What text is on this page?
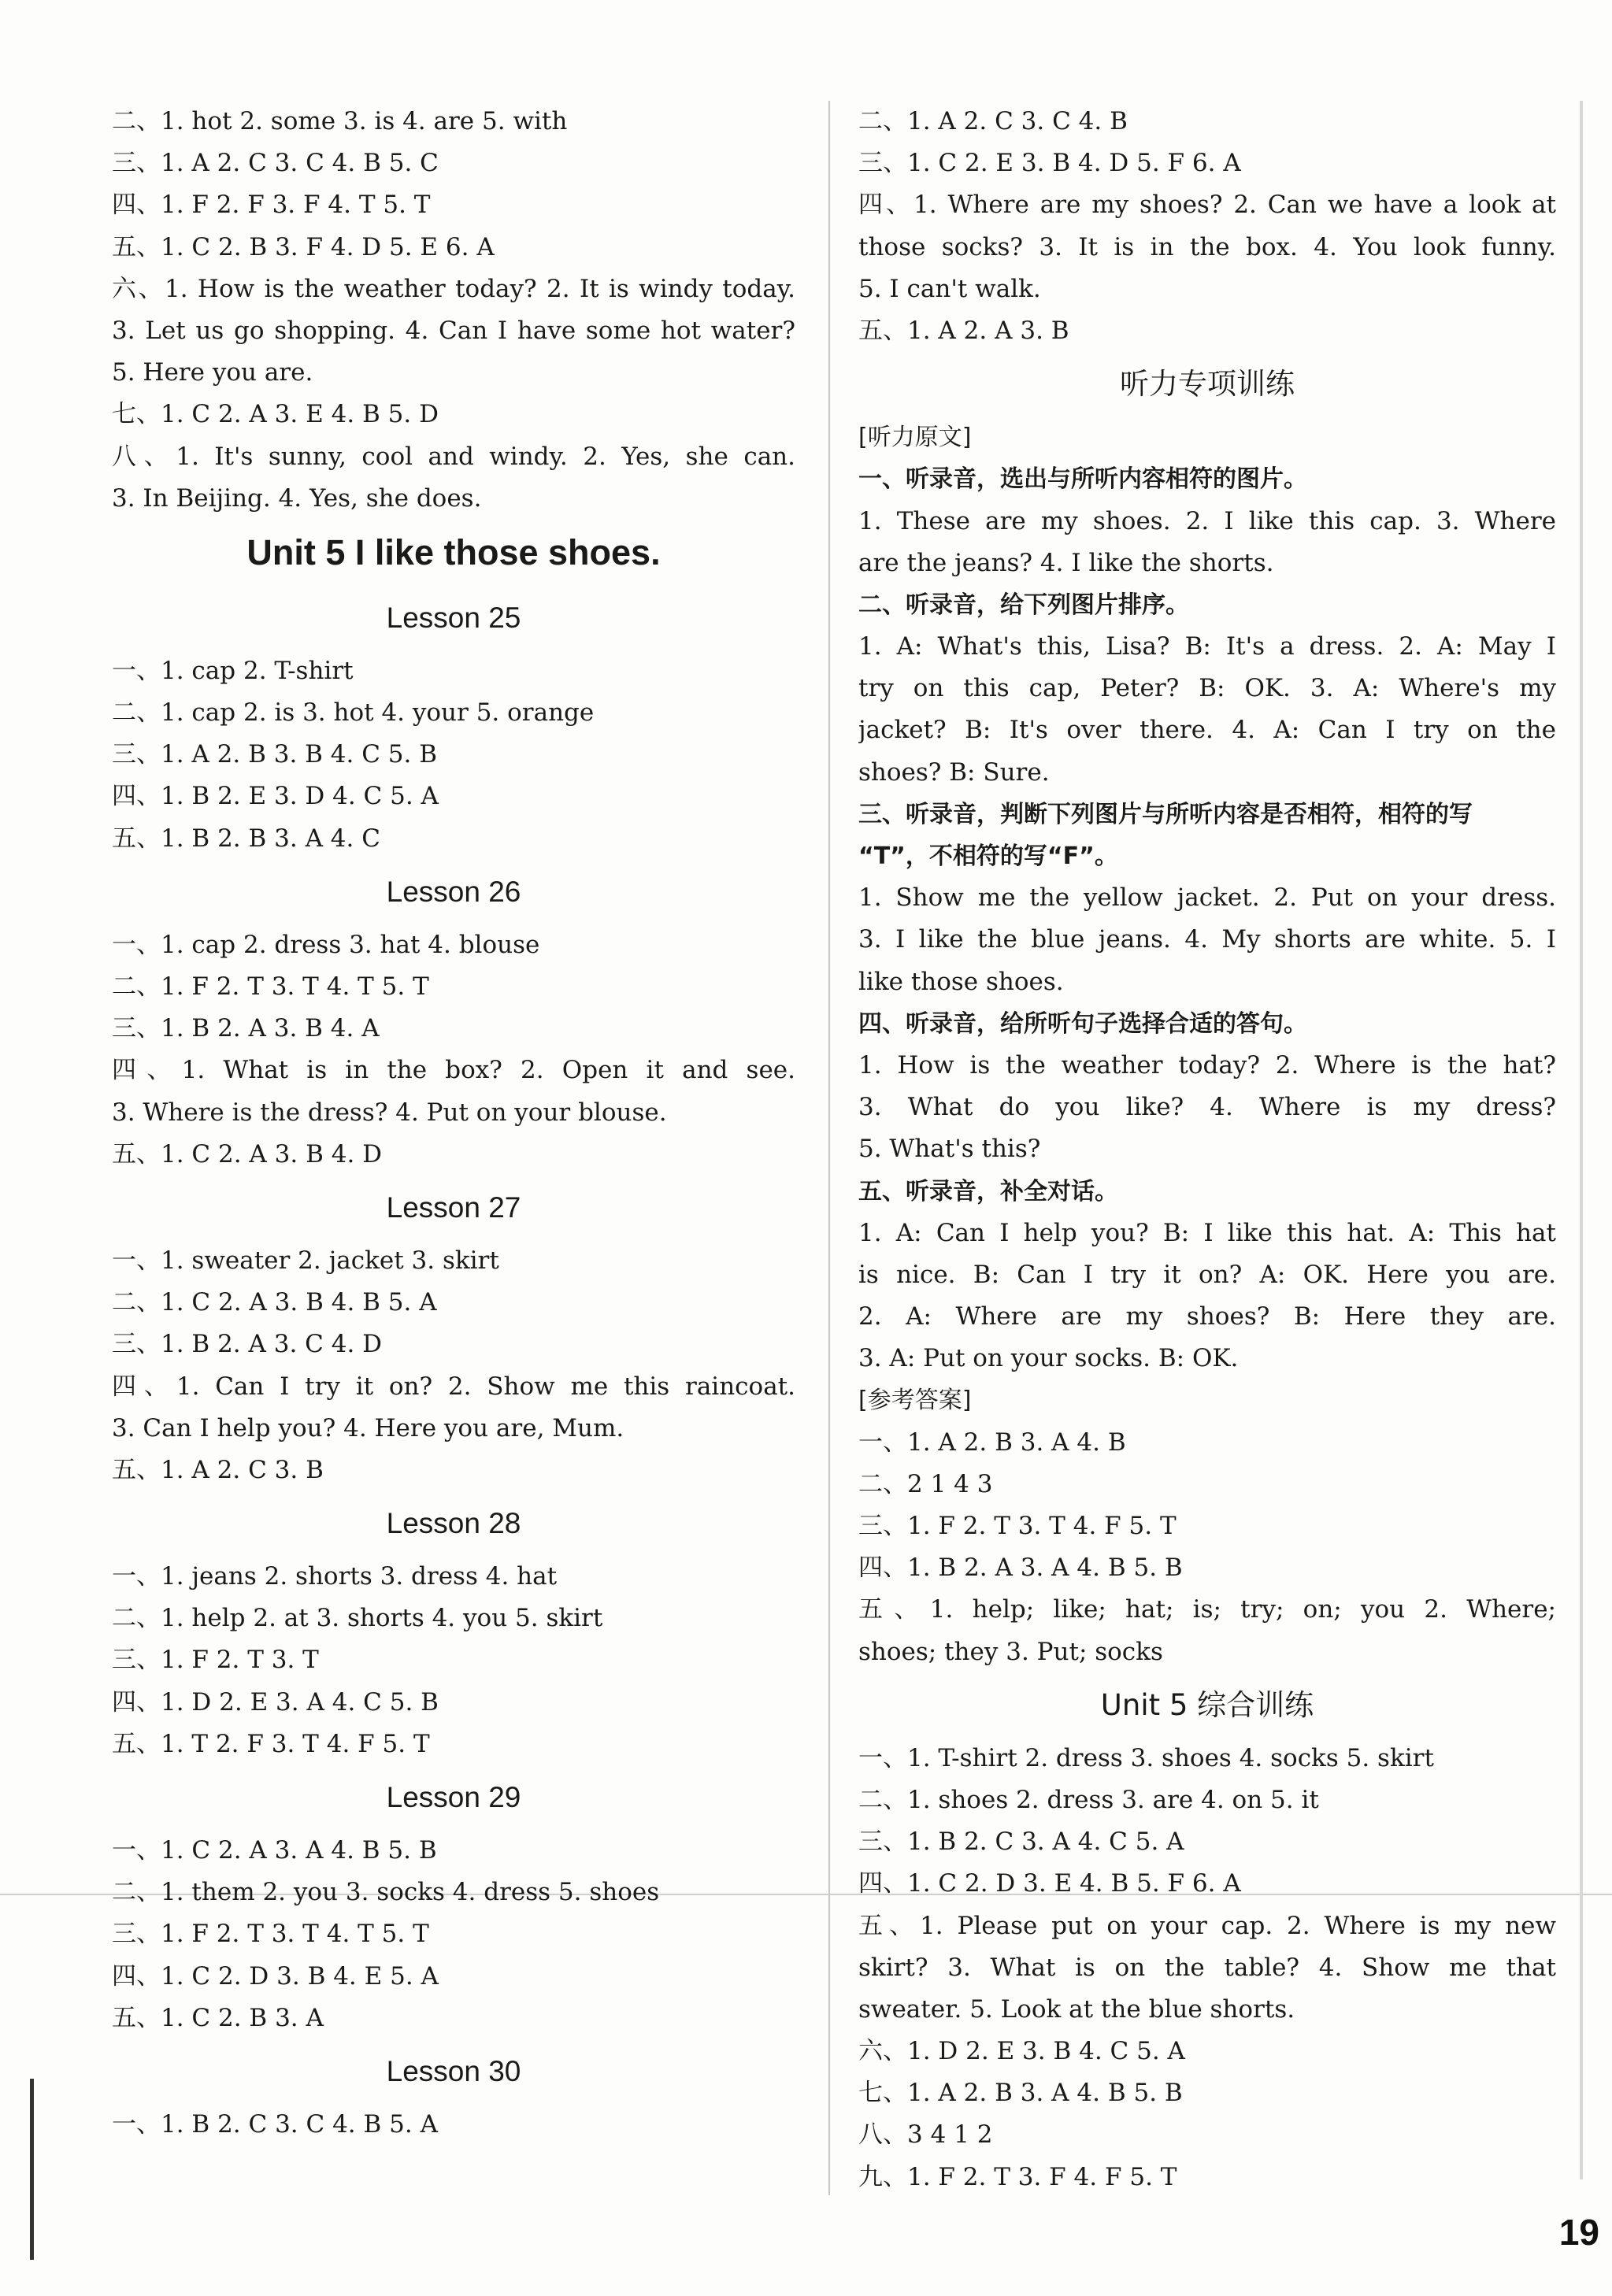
二、1. hot 2. some 3. is 4. are 5. with
三、1. A 2. C 3. C 4. B 5. C
四、1. F 2. F 3. F 4. T 5. T
五、1. C 2. B 3. F 4. D 5. E 6. A
六、1. How is the weather today? 2. It is windy today.
3. Let us go shopping. 4. Can I have some hot water?
5. Here you are.
七、1. C 2. A 3. E 4. B 5. D
八、1. It's sunny, cool and windy. 2. Yes, she can.
3. In Beijing. 4. Yes, she does.
Unit 5 I like those shoes.
Lesson 25
一、1. cap 2. T-shirt
二、1. cap 2. is 3. hot 4. your 5. orange
三、1. A 2. B 3. B 4. C 5. B
四、1. B 2. E 3. D 4. C 5. A
五、1. B 2. B 3. A 4. C
Lesson 26
一、1. cap 2. dress 3. hat 4. blouse
二、1. F 2. T 3. T 4. T 5. T
三、1. B 2. A 3. B 4. A
四、1. What is in the box? 2. Open it and see.
3. Where is the dress? 4. Put on your blouse.
五、1. C 2. A 3. B 4. D
Lesson 27
一、1. sweater 2. jacket 3. skirt
二、1. C 2. A 3. B 4. B 5. A
三、1. B 2. A 3. C 4. D
四、1. Can I try it on? 2. Show me this raincoat.
3. Can I help you? 4. Here you are, Mum.
五、1. A 2. C 3. B
Lesson 28
一、1. jeans 2. shorts 3. dress 4. hat
二、1. help 2. at 3. shorts 4. you 5. skirt
三、1. F 2. T 3. T
四、1. D 2. E 3. A 4. C 5. B
五、1. T 2. F 3. T 4. F 5. T
Lesson 29
一、1. C 2. A 3. A 4. B 5. B
二、1. them 2. you 3. socks 4. dress 5. shoes
三、1. F 2. T 3. T 4. T 5. T
四、1. C 2. D 3. B 4. E 5. A
五、1. C 2. B 3. A
Lesson 30
一、1. B 2. C 3. C 4. B 5. A
二、1. A 2. C 3. C 4. B
三、1. C 2. E 3. B 4. D 5. F 6. A
四、1. Where are my shoes? 2. Can we have a look at
those socks? 3. It is in the box. 4. You look funny.
5. I can't walk.
五、1. A 2. A 3. B
听力专项训练
[听力原文]
一、听录音，选出与所听内容相符的图片。
1. These are my shoes. 2. I like this cap. 3. Where
are the jeans? 4. I like the shorts.
二、听录音，给下列图片排序。
1. A: What's this, Lisa? B: It's a dress. 2. A: May I
try on this cap, Peter? B: OK. 3. A: Where's my
jacket? B: It's over there. 4. A: Can I try on the
shoes? B: Sure.
三、听录音，判断下列图片与所听内容是否相符，相符的写
“T”，不相符的写“F”。
1. Show me the yellow jacket. 2. Put on your dress.
3. I like the blue jeans. 4. My shorts are white. 5. I
like those shoes.
四、听录音，给所听句子选择合适的答句。
1. How is the weather today? 2. Where is the hat?
3. What do you like? 4. Where is my dress?
5. What's this?
五、听录音，补全对话。
1. A: Can I help you? B: I like this hat. A: This hat
is nice. B: Can I try it on? A: OK. Here you are.
2. A: Where are my shoes? B: Here they are.
3. A: Put on your socks. B: OK.
[参考答案]
一、1. A 2. B 3. A 4. B
二、2 1 4 3
三、1. F 2. T 3. T 4. F 5. T
四、1. B 2. A 3. A 4. B 5. B
五、1. help; like; hat; is; try; on; you 2. Where;
shoes; they 3. Put; socks
Unit 5 综合训练
一、1. T-shirt 2. dress 3. shoes 4. socks 5. skirt
二、1. shoes 2. dress 3. are 4. on 5. it
三、1. B 2. C 3. A 4. C 5. A
四、1. C 2. D 3. E 4. B 5. F 6. A
五、1. Please put on your cap. 2. Where is my new
skirt? 3. What is on the table? 4. Show me that
sweater. 5. Look at the blue shorts.
六、1. D 2. E 3. B 4. C 5. A
七、1. A 2. B 3. A 4. B 5. B
八、3 4 1 2
九、1. F 2. T 3. F 4. F 5. T
19
